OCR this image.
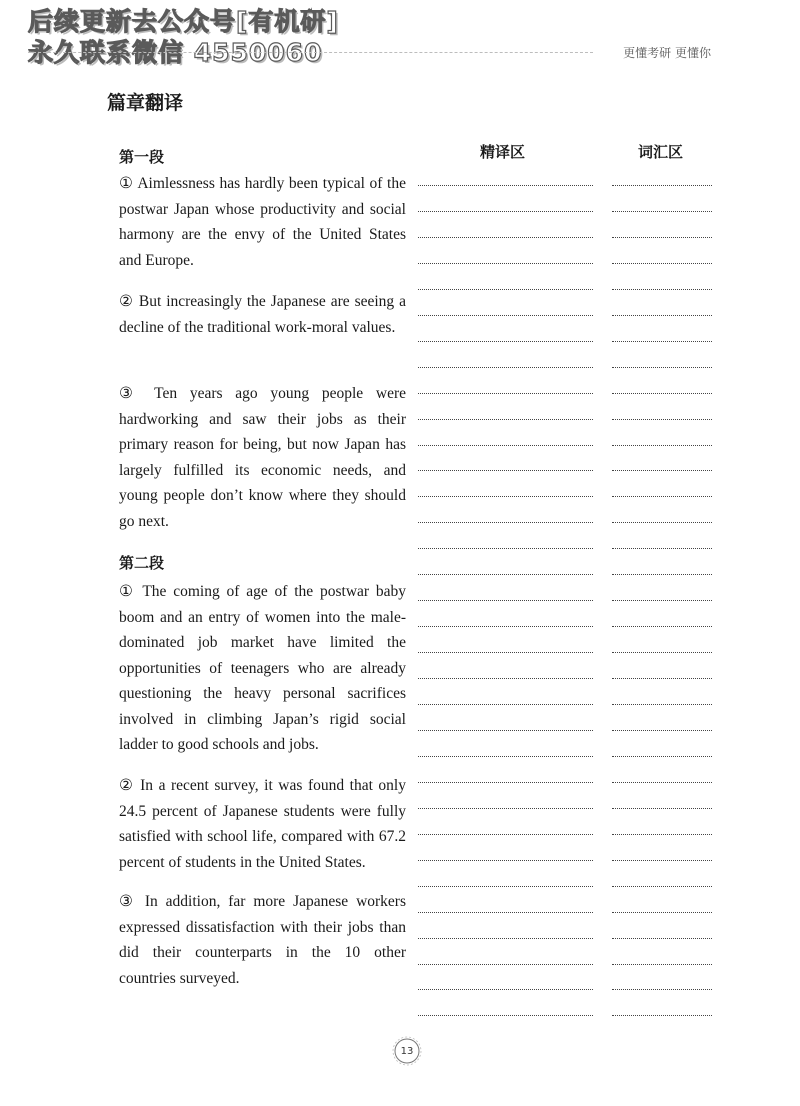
后续更新去公众号[有机研]
永久联系微信 4550060	更懂考研 更懂你
篇章翻译
精译区	词汇区
第一段

① Aimlessness has hardly been typical of the postwar Japan whose productivity and social harmony are the envy of the United States and Europe.

② But increasingly the Japanese are seeing a decline of the traditional work-moral values.

③ Ten years ago young people were hardworking and saw their jobs as their primary reason for being, but now Japan has largely fulfilled its economic needs, and young people don’t know where they should go next.

第二段

① The coming of age of the postwar baby boom and an entry of women into the male-dominated job market have limited the opportunities of teenagers who are already questioning the heavy personal sacrifices involved in climbing Japan’s rigid social ladder to good schools and jobs.

② In a recent survey, it was found that only 24.5 percent of Japanese students were fully satisfied with school life, compared with 67.2 percent of students in the United States.

③ In addition, far more Japanese workers expressed dissatisfaction with their jobs than did their counterparts in the 10 other countries surveyed.

13
